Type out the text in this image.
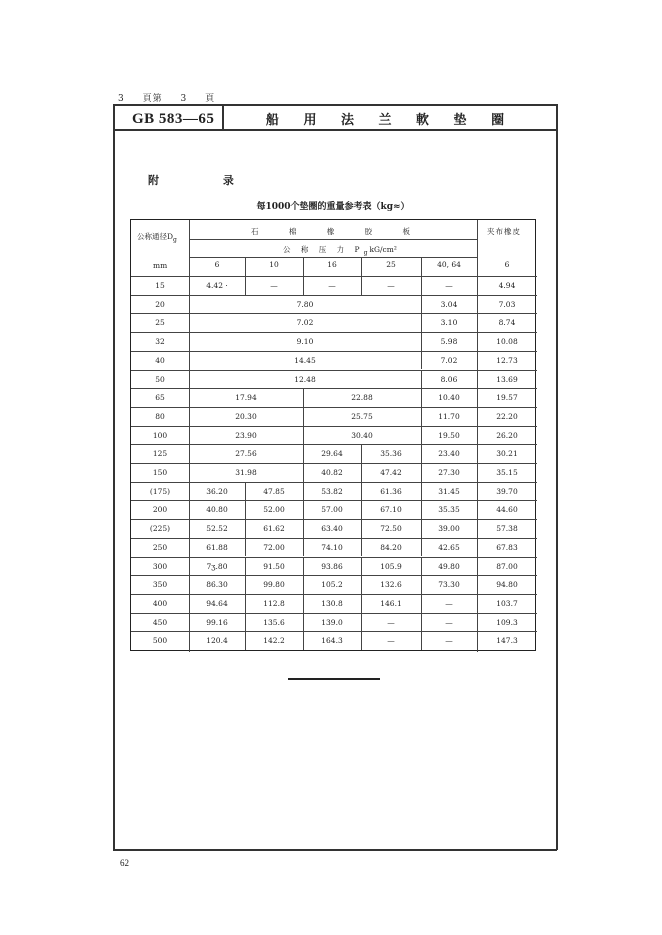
3 頁第 3 頁
GB 583—65	船 用 法 兰 軟 垫 圈
附 录
每1000个垫圈的重量参考表（kg≈）
公称通径$D_g$
mm
石 棉 橡 胶 板
公 称 压 力 $P_g$ kG/cm²
夹布橡皮
6	10	16	25	40, 64	6
15	4.42 ·	—	—	—	—	4.94
20	7.80	3.04	7.03
25	7.02	3.10	8.74
32	9.10	5.98	10.08
40	14.45	7.02	12.73
50	12.48	8.06	13.69
65	17.94	22.88	10.40	19.57
80	20.30	25.75	11.70	22.20
100	23.90	30.40	19.50	26.20
125	27.56	29.64	35.36	23.40	30.21
150	31.98	40.82	47.42	27.30	35.15
(175)	36.20	47.85	53.82	61.36	31.45	39.70
200	40.80	52.00	57.00	67.10	35.35	44.60
(225)	52.52	61.62	63.40	72.50	39.00	57.38
250	61.88	72.00	74.10	84.20	42.65	67.83
300	7ʒ.80	91.50	93.86	105.9	49.80	87.00
350	86.30	99.80	105.2	132.6	73.30	94.80
400	94.64	112.8	130.8	146.1	—	103.7
450	99.16	135.6	139.0	—	—	109.3
500	120.4	142.2	164.3	—	—	147.3
62
